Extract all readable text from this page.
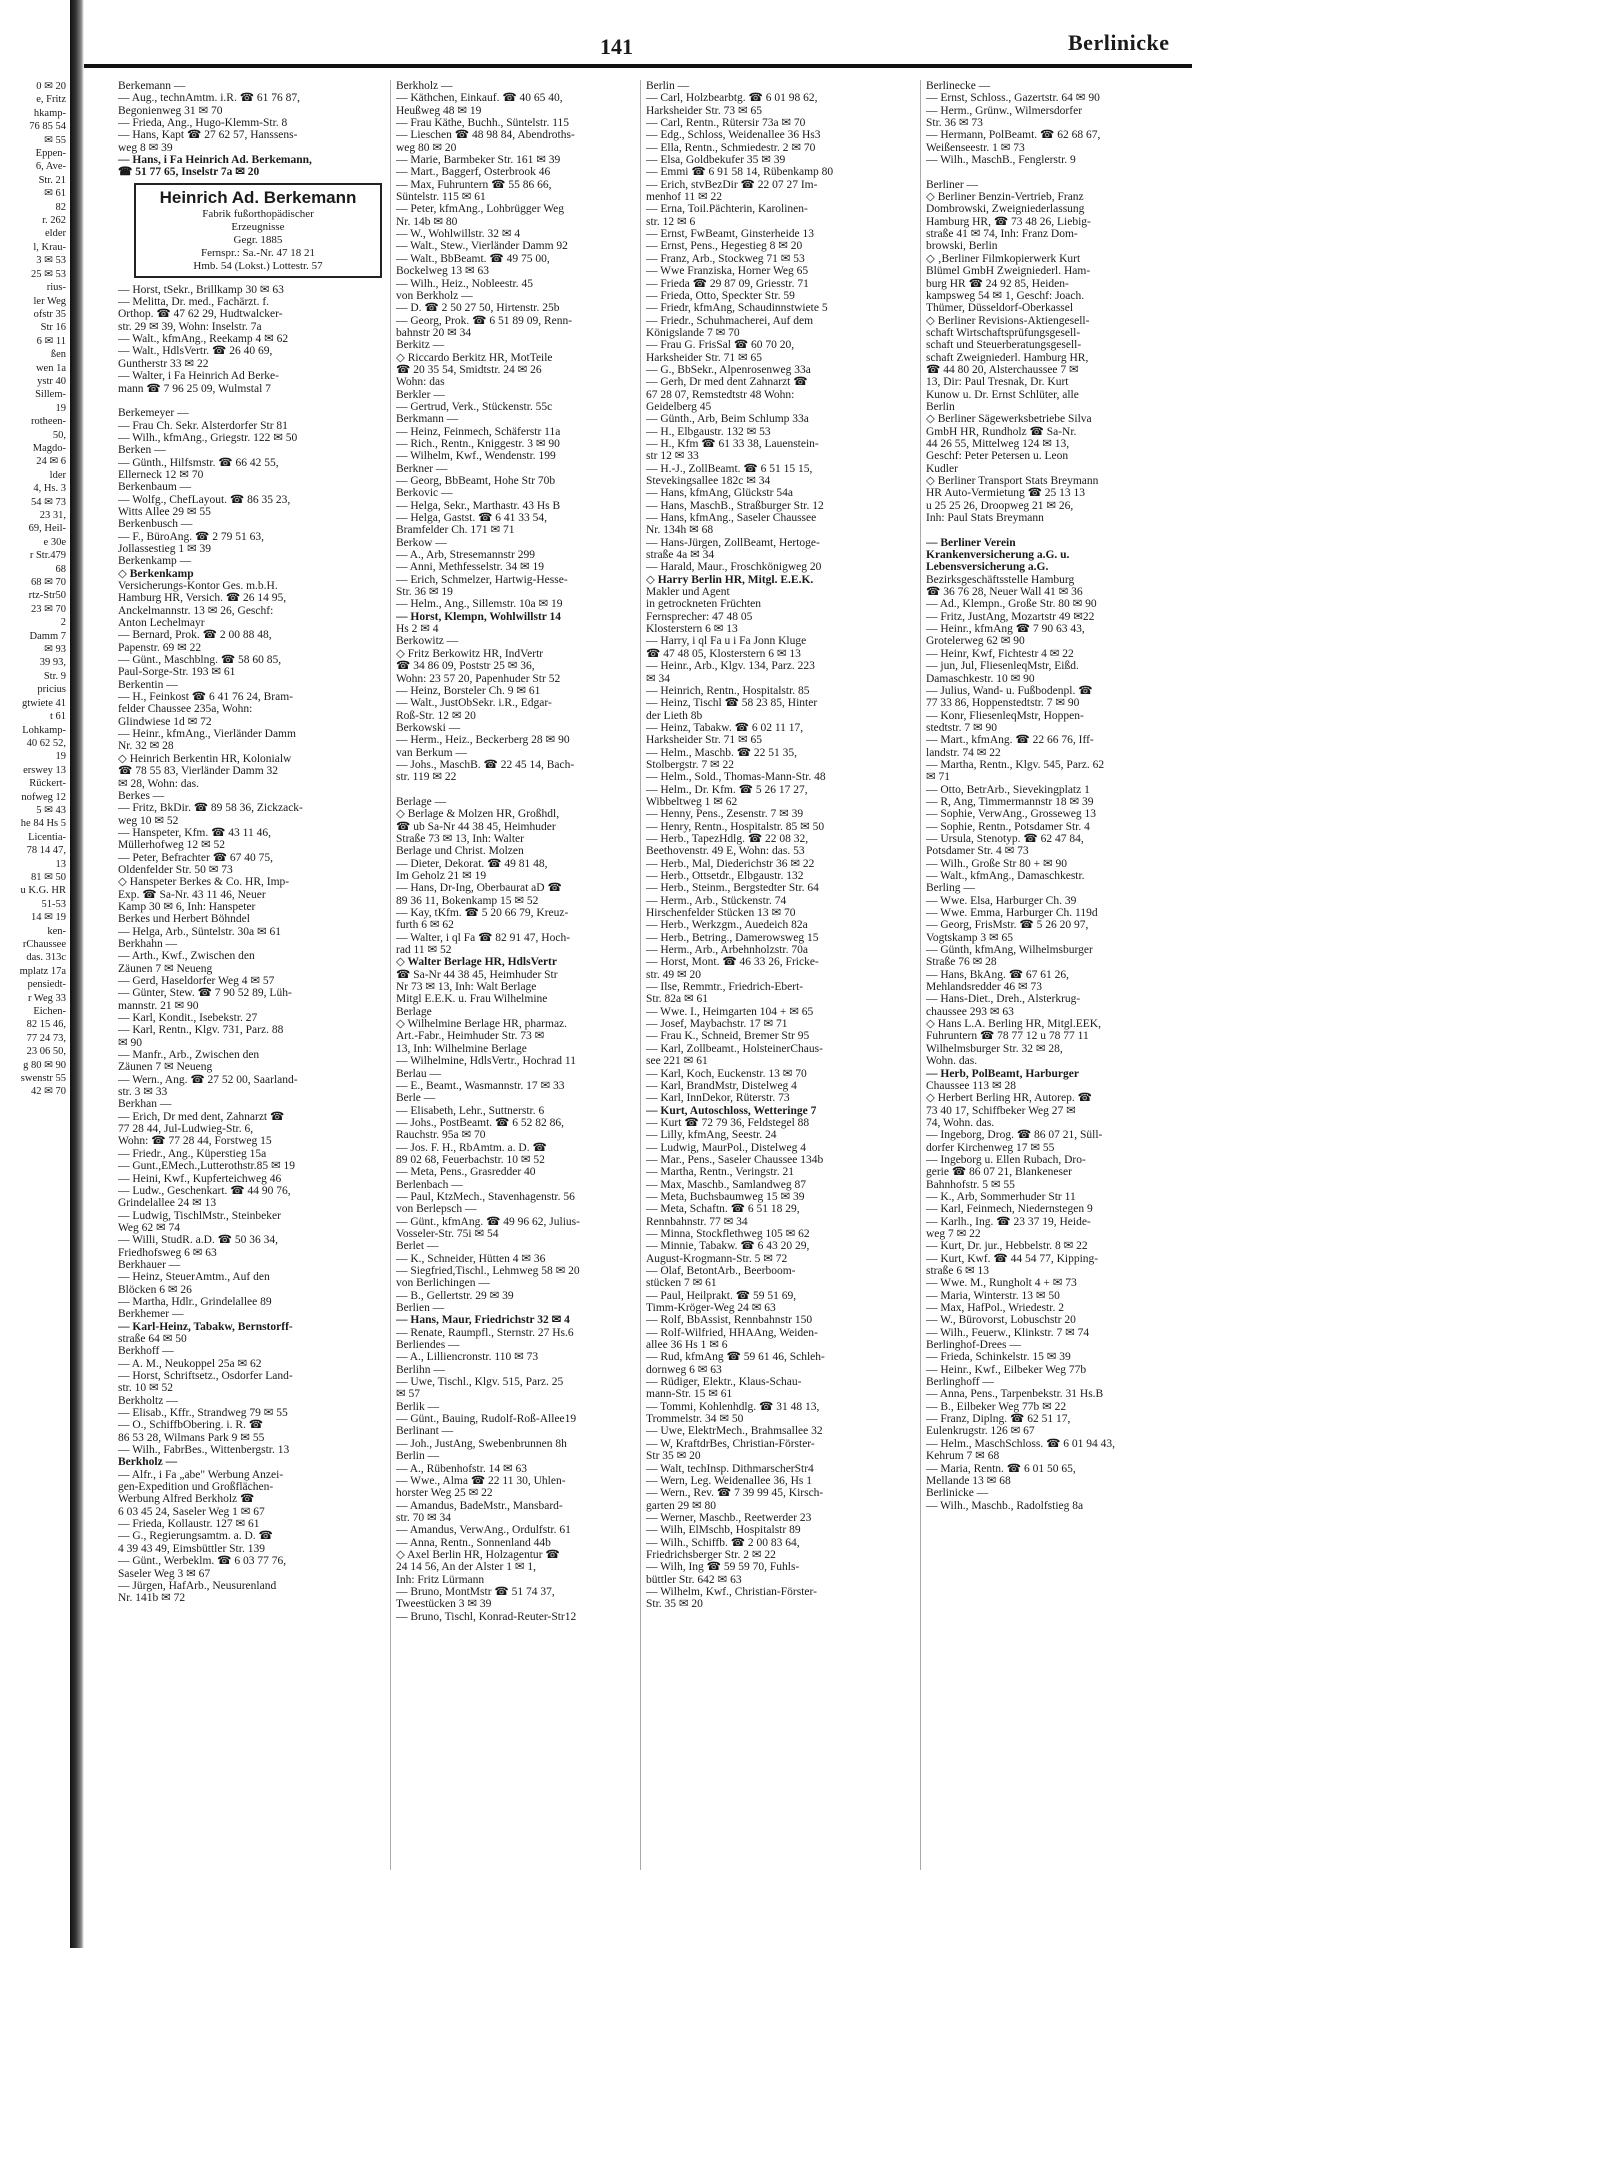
0 ✉ 20
e, Fritz
hkamp-
76 85 54
✉ 55
Eppen-
6, Ave-
Str. 21
✉ 61
82
r. 262
elder
l, Krau-
3 ✉ 53
25 ✉ 53
rius-
ler Weg
ofstr 35
Str 16
6 ✉ 11
ßen
wen 1a
ystr 40
Sillem-
19
rotheen-
50,
Magdo-
24 ✉ 6
lder
4, Hs. 3
54 ✉ 73
23 31,
69, Heil-
e 30e
r Str.479
68
68 ✉ 70
rtz-Str50
23 ✉ 70
2
Damm 7
✉ 93
39 93,
Str. 9
pricius
gtwiete 41
t 61
Lohkamp-
40 62 52,
19
erswey 13
Rückert-
nofweg 12
5 ✉ 43
he 84 Hs 5
Licentia-
78 14 47,
13
81 ✉ 50
u K.G. HR
51-53
14 ✉ 19
ken-
rChaussee
das. 313c
mplatz 17a
pensiedt-
r Weg 33
Eichen-
82 15 46,
77 24 73,
23 06 50,
g 80 ✉ 90
swenstr 55
42 ✉ 70
141	Berlinicke
Berkemann —
— Aug., technAmtm. i.R. ☎ 61 76 87,
Begonienweg 31 ✉ 70
— Frieda, Ang., Hugo-Klemm-Str. 8
— Hans, Kapt ☎ 27 62 57, Hanssens-
weg 8 ✉ 39
— Hans, i Fa Heinrich Ad. Berkemann,
☎ 51 77 65, Inselstr 7a ✉ 20
Heinrich Ad. Berkemann
Fabrik fußorthopädischer
Erzeugnisse
Gegr. 1885
Fernspr.: Sa.-Nr. 47 18 21
Hmb. 54 (Lokst.) Lottestr. 57
— Horst, tSekr., Brillkamp 30 ✉ 63
— Melitta, Dr. med., Fachärzt. f.
Orthop. ☎ 47 62 29, Hudtwalcker-
str. 29 ✉ 39, Wohn: Inselstr. 7a
— Walt., kfmAng., Reekamp 4 ✉ 62
— Walt., HdlsVertr. ☎ 26 40 69,
Guntherstr 33 ✉ 22
— Walter, i Fa Heinrich Ad Berke-
mann ☎ 7 96 25 09, Wulmstal 7

Berkemeyer —
— Frau Ch. Sekr. Alsterdorfer Str 81
— Wilh., kfmAng., Griegstr. 122 ✉ 50
Berken —
— Günth., Hilfsmstr. ☎ 66 42 55,
Ellerneck 12 ✉ 70
Berkenbaum —
— Wolfg., ChefLayout. ☎ 86 35 23,
Witts Allee 29 ✉ 55
Berkenbusch —
— F., BüroAng. ☎ 2 79 51 63,
Jollassestieg 1 ✉ 39
Berkenkamp —
◇ Berkenkamp
Versicherungs-Kontor Ges. m.b.H.
Hamburg HR, Versich. ☎ 26 14 95,
Anckelmannstr. 13 ✉ 26, Geschf:
Anton Lechelmayr
— Bernard, Prok. ☎ 2 00 88 48,
Papenstr. 69 ✉ 22
— Günt., Maschblng. ☎ 58 60 85,
Paul-Sorge-Str. 193 ✉ 61
Berkentin —
— H., Feinkost ☎ 6 41 76 24, Bram-
felder Chaussee 235a, Wohn:
Glindwiese 1d ✉ 72
— Heinr., kfmAng., Vierländer Damm
Nr. 32 ✉ 28
◇ Heinrich Berkentin HR, Kolonialw
☎ 78 55 83, Vierländer Damm 32
✉ 28, Wohn: das.
Berkes —
— Fritz, BkDir. ☎ 89 58 36, Zickzack-
weg 10 ✉ 52
— Hanspeter, Kfm. ☎ 43 11 46,
Müllerhofweg 12 ✉ 52
— Peter, Befrachter ☎ 67 40 75,
Oldenfelder Str. 50 ✉ 73
◇ Hanspeter Berkes & Co. HR, Imp-
Exp. ☎ Sa-Nr. 43 11 46, Neuer
Kamp 30 ✉ 6, Inh: Hanspeter
Berkes und Herbert Böhndel
— Helga, Arb., Süntelstr. 30a ✉ 61
Berkhahn —
— Arth., Kwf., Zwischen den
Zäunen 7 ✉ Neueng
— Gerd, Haseldorfer Weg 4 ✉ 57
— Günter, Stew. ☎ 7 90 52 89, Lüh-
mannstr. 21 ✉ 90
— Karl, Kondit., Isebekstr. 27
— Karl, Rentn., Klgv. 731, Parz. 88
✉ 90
— Manfr., Arb., Zwischen den
Zäunen 7 ✉ Neueng
— Wern., Ang. ☎ 27 52 00, Saarland-
str. 3 ✉ 33
Berkhan —
— Erich, Dr med dent, Zahnarzt ☎
77 28 44, Jul-Ludwieg-Str. 6,
Wohn: ☎ 77 28 44, Forstweg 15
— Friedr., Ang., Küperstieg 15a
— Gunt.,EMech.,Lutterothstr.85 ✉ 19
— Heini, Kwf., Kupferteichweg 46
— Ludw., Geschenkart. ☎ 44 90 76,
Grindelallee 24 ✉ 13
— Ludwig, TischlMstr., Steinbeker
Weg 62 ✉ 74
— Willi, StudR. a.D. ☎ 50 36 34,
Friedhofsweg 6 ✉ 63
Berkhauer —
— Heinz, SteuerAmtm., Auf den
Blöcken 6 ✉ 26
— Martha, Hdlr., Grindelallee 89
Berkhemer —
— Karl-Heinz, Tabakw, Bernstorff-
straße 64 ✉ 50
Berkhoff —
— A. M., Neukoppel 25a ✉ 62
— Horst, Schriftsetz., Osdorfer Land-
str. 10 ✉ 52
Berkholtz —
— Elisab., Kffr., Strandweg 79 ✉ 55
— O., SchiffbObering. i. R. ☎
86 53 28, Wilmans Park 9 ✉ 55
— Wilh., FabrBes., Wittenbergstr. 13
Berkholz —
— Alfr., i Fa „abe" Werbung Anzei-
gen-Expedition und Großflächen-
Werbung Alfred Berkholz ☎
6 03 45 24, Saseler Weg 1 ✉ 67
— Frieda, Kollaustr. 127 ✉ 61
— G., Regierungsamtm. a. D. ☎
4 39 43 49, Eimsbüttler Str. 139
— Günt., Werbeklm. ☎ 6 03 77 76,
Saseler Weg 3 ✉ 67
— Jürgen, HafArb., Neusurenland
Nr. 141b ✉ 72
Berkholz —
— Käthchen, Einkauf. ☎ 40 65 40,
Heußweg 48 ✉ 19
— Frau Käthe, Buchh., Süntelstr. 115
— Lieschen ☎ 48 98 84, Abendroths-
weg 80 ✉ 20
— Marie, Barmbeker Str. 161 ✉ 39
— Mart., Baggerf, Osterbrook 46
— Max, Fuhruntern ☎ 55 86 66,
Süntelstr. 115 ✉ 61
— Peter, kfmAng., Lohbrügger Weg
Nr. 14b ✉ 80
— W., Wohlwillstr. 32 ✉ 4
— Walt., Stew., Vierländer Damm 92
— Walt., BbBeamt. ☎ 49 75 00,
Bockelweg 13 ✉ 63
— Wilh., Heiz., Nobleestr. 45
von Berkholz —
— D. ☎ 2 50 27 50, Hirtenstr. 25b
— Georg, Prok. ☎ 6 51 89 09, Renn-
bahnstr 20 ✉ 34
Berkitz —
◇ Riccardo Berkitz HR, MotTeile
☎ 20 35 54, Smidtstr. 24 ✉ 26
Wohn: das
Berkler —
— Gertrud, Verk., Stückenstr. 55c
Berkmann —
— Heinz, Feinmech, Schäferstr 11a
— Rich., Rentn., Kniggestr. 3 ✉ 90
— Wilhelm, Kwf., Wendenstr. 199
Berkner —
— Georg, BbBeamt, Hohe Str 70b
Berkovic —
— Helga, Sekr., Marthastr. 43 Hs B
— Helga, Gastst. ☎ 6 41 33 54,
Bramfelder Ch. 171 ✉ 71
Berkow —
— A., Arb, Stresemannstr 299
— Anni, Methfesselstr. 34 ✉ 19
— Erich, Schmelzer, Hartwig-Hesse-
Str. 36 ✉ 19
— Helm., Ang., Sillemstr. 10a ✉ 19
— Horst, Klempn, Wohlwillstr 14
Hs 2 ✉ 4
Berkowitz —
◇ Fritz Berkowitz HR, IndVertr
☎ 34 86 09, Poststr 25 ✉ 36,
Wohn: 23 57 20, Papenhuder Str 52
— Heinz, Borsteler Ch. 9 ✉ 61
— Walt., JustObSekr. i.R., Edgar-
Roß-Str. 12 ✉ 20
Berkowski —
— Herm., Heiz., Beckerberg 28 ✉ 90
van Berkum —
— Johs., MaschB. ☎ 22 45 14, Bach-
str. 119 ✉ 22

Berlage —
◇ Berlage & Molzen HR, Großhdl,
☎ ub Sa-Nr 44 38 45, Heimhuder
Straße 73 ✉ 13, Inh: Walter
Berlage und Christ. Molzen
— Dieter, Dekorat. ☎ 49 81 48,
Im Geholz 21 ✉ 19
— Hans, Dr-Ing, Oberbaurat aD ☎
89 36 11, Bokenkamp 15 ✉ 52
— Kay, tKfm. ☎ 5 20 66 79, Kreuz-
furth 6 ✉ 62
— Walter, i ql Fa ☎ 82 91 47, Hoch-
rad 11 ✉ 52
◇ Walter Berlage HR, HdlsVertr
☎ Sa-Nr 44 38 45, Heimhuder Str
Nr 73 ✉ 13, Inh: Walt Berlage
Mitgl E.E.K. u. Frau Wilhelmine
Berlage
◇ Wilhelmine Berlage HR, pharmaz.
Art.-Fabr., Heimhuder Str. 73 ✉
13, Inh: Wilhelmine Berlage
— Wilhelmine, HdlsVertr., Hochrad 11
Berlau —
— E., Beamt., Wasmannstr. 17 ✉ 33
Berle —
— Elisabeth, Lehr., Suttnerstr. 6
— Johs., PostBeamt. ☎ 6 52 82 86,
Rauchstr. 95a ✉ 70
— Jos. F. H., RbAmtm. a. D. ☎
89 02 68, Feuerbachstr. 10 ✉ 52
— Meta, Pens., Grasredder 40
Berlenbach —
— Paul, KtzMech., Stavenhagenstr. 56
von Berlepsch —
— Günt., kfmAng. ☎ 49 96 62, Julius-
Vosseler-Str. 75i ✉ 54
Berlet —
— K., Schneider, Hütten 4 ✉ 36
— Siegfried,Tischl., Lehmweg 58 ✉ 20
von Berlichingen —
— B., Gellertstr. 29 ✉ 39
Berlien —
— Hans, Maur, Friedrichstr 32 ✉ 4
— Renate, Raumpfl., Sternstr. 27 Hs.6
Berliendes —
— A., Lilliencronstr. 110 ✉ 73
Berlihn —
— Uwe, Tischl., Klgv. 515, Parz. 25
✉ 57
Berlik —
— Günt., Bauing, Rudolf-Roß-Allee19
Berlinant —
— Joh., JustAng, Swebenbrunnen 8h
Berlin —
— A., Rübenhofstr. 14 ✉ 63
— Wwe., Alma ☎ 22 11 30, Uhlen-
horster Weg 25 ✉ 22
— Amandus, BadeMstr., Mansbard-
str. 70 ✉ 34
— Amandus, VerwAng., Ordulfstr. 61
— Anna, Rentn., Sonnenland 44b
◇ Axel Berlin HR, Holzagentur ☎
24 14 56, An der Alster 1 ✉ 1,
Inh: Fritz Lürmann
— Bruno, MontMstr ☎ 51 74 37,
Tweestücken 3 ✉ 39
— Bruno, Tischl, Konrad-Reuter-Str12
Berlin —
— Carl, Holzbearbtg. ☎ 6 01 98 62,
Harksheider Str. 73 ✉ 65
— Carl, Rentn., Rütersir 73a ✉ 70
— Edg., Schloss, Weidenallee 36 Hs3
— Ella, Rentn., Schmiedestr. 2 ✉ 70
— Elsa, Goldbekufer 35 ✉ 39
— Emmi ☎ 6 91 58 14, Rübenkamp 80
— Erich, stvBezDir ☎ 22 07 27 Im-
menhof 11 ✉ 22
— Erna, Toil.Pächterin, Karolinen-
str. 12 ✉ 6
— Ernst, FwBeamt, Ginsterheide 13
— Ernst, Pens., Hegestieg 8 ✉ 20
— Franz, Arb., Stockweg 71 ✉ 53
— Wwe Franziska, Horner Weg 65
— Frieda ☎ 29 87 09, Griesstr. 71
— Frieda, Otto, Speckter Str. 59
— Friedr, kfmAng, Schaudinnstwiete 5
— Friedr., Schuhmacherei, Auf dem
Königslande 7 ✉ 70
— Frau G. FrisSal ☎ 60 70 20,
Harksheider Str. 71 ✉ 65
— G., BbSekr., Alpenrosenweg 33a
— Gerh, Dr med dent Zahnarzt ☎
67 28 07, Remstedtstr 48 Wohn:
Geidelberg 45
— Günth., Arb, Beim Schlump 33a
— H., Elbgaustr. 132 ✉ 53
— H., Kfm ☎ 61 33 38, Lauenstein-
str 12 ✉ 33
— H.-J., ZollBeamt. ☎ 6 51 15 15,
Stevekingsallee 182c ✉ 34
— Hans, kfmAng, Glückstr 54a
— Hans, MaschB., Straßburger Str. 12
— Hans, kfmAng., Saseler Chaussee
Nr. 134h ✉ 68
— Hans-Jürgen, ZollBeamt, Hertoge-
straße 4a ✉ 34
— Harald, Maur., Froschkönigweg 20
◇ Harry Berlin HR, Mitgl. E.E.K.
Makler und Agent
in getrockneten Früchten
Fernsprecher: 47 48 05
Klosterstern 6 ✉ 13
— Harry, i ql Fa u i Fa Jonn Kluge
☎ 47 48 05, Klosterstern 6 ✉ 13
— Heinr., Arb., Klgv. 134, Parz. 223
✉ 34
— Heinrich, Rentn., Hospitalstr. 85
— Heinz, Tischl ☎ 58 23 85, Hinter
der Lieth 8b
— Heinz, Tabakw. ☎ 6 02 11 17,
Harksheider Str. 71 ✉ 65
— Helm., Maschb. ☎ 22 51 35,
Stolbergstr. 7 ✉ 22
— Helm., Sold., Thomas-Mann-Str. 48
— Helm., Dr. Kfm. ☎ 5 26 17 27,
Wibbeltweg 1 ✉ 62
— Henny, Pens., Zesenstr. 7 ✉ 39
— Henry, Rentn., Hospitalstr. 85 ✉ 50
— Herb., TapezHdlg. ☎ 22 08 32,
Beethovenstr. 49 E, Wohn: das. 53
— Herb., Mal, Diederichstr 36 ✉ 22
— Herb., Ottsetdr., Elbgaustr. 132
— Herb., Steinm., Bergstedter Str. 64
— Herm., Arb., Stückenstr. 74
Hirschenfelder Stücken 13 ✉ 70
— Herb., Werkzgm., Auedeich 82a
— Herb., Betring., Damerowsweg 15
— Herm., Arb., Arbehnholzstr. 70a
— Horst, Mont. ☎ 46 33 26, Fricke-
str. 49 ✉ 20
— Ilse, Remmtr., Friedrich-Ebert-
Str. 82a ✉ 61
— Wwe. I., Heimgarten 104 + ✉ 65
— Josef, Maybachstr. 17 ✉ 71
— Frau K., Schneid, Bremer Str 95
— Karl, Zollbeamt., HolsteinerChaus-
see 221 ✉ 61
— Karl, Koch, Euckenstr. 13 ✉ 70
— Karl, BrandMstr, Distelweg 4
— Karl, InnDekor, Rüterstr. 73
— Kurt, Autoschloss, Wetteringe 7
— Kurt ☎ 72 79 36, Feldstegel 88
— Lilly, kfmAng, Seestr. 24
— Ludwig, MaurPol., Distelweg 4
— Mar., Pens., Saseler Chaussee 134b
— Martha, Rentn., Veringstr. 21
— Max, Maschb., Samlandweg 87
— Meta, Buchsbaumweg 15 ✉ 39
— Meta, Schaftn. ☎ 6 51 18 29,
Rennbahnstr. 77 ✉ 34
— Minna, Stockflethweg 105 ✉ 62
— Minnie, Tabakw. ☎ 6 43 20 29,
August-Krogmann-Str. 5 ✉ 72
— Olaf, BetontArb., Beerboom-
stücken 7 ✉ 61
— Paul, Heilprakt. ☎ 59 51 69,
Timm-Kröger-Weg 24 ✉ 63
— Rolf, BbAssist, Rennbahnstr 150
— Rolf-Wilfried, HHAAng, Weiden-
allee 36 Hs 1 ✉ 6
— Rud, kfmAng ☎ 59 61 46, Schleh-
dornweg 6 ✉ 63
— Rüdiger, Elektr., Klaus-Schau-
mann-Str. 15 ✉ 61
— Tommi, Kohlenhdlg. ☎ 31 48 13,
Trommelstr. 34 ✉ 50
— Uwe, ElektrMech., Brahmsallee 32
— W, KraftdrBes, Christian-Förster-
Str 35 ✉ 20
— Walt, techInsp. DithmarscherStr4
— Wern, Leg. Weidenallee 36, Hs 1
— Wern., Rev. ☎ 7 39 99 45, Kirsch-
garten 29 ✉ 80
— Werner, Maschb., Reetwerder 23
— Wilh, ElMschb, Hospitalstr 89
— Wilh., Schiffb. ☎ 2 00 83 64,
Friedrichsberger Str. 2 ✉ 22
— Wilh, Ing ☎ 59 59 70, Fuhls-
büttler Str. 642 ✉ 63
— Wilhelm, Kwf., Christian-Förster-
Str. 35 ✉ 20
Berlinecke —
— Ernst, Schloss., Gazertstr. 64 ✉ 90
— Herm., Grünw., Wilmersdorfer
Str. 36 ✉ 73
— Hermann, PolBeamt. ☎ 62 68 67,
Weißenseestr. 1 ✉ 73
— Wilh., MaschB., Fenglerstr. 9

Berliner —
◇ Berliner Benzin-Vertrieb, Franz
Dombrowski, Zweigniederlassung
Hamburg HR, ☎ 73 48 26, Liebig-
straße 41 ✉ 74, Inh: Franz Dom-
browski, Berlin
◇ ‚Berliner Filmkopierwerk Kurt
Blümel GmbH Zweigniederl. Ham-
burg HR ☎ 24 92 85, Heiden-
kampsweg 54 ✉ 1, Geschf: Joach.
Thümer, Düsseldorf-Oberkassel
◇ Berliner Revisions-Aktiengesell-
schaft Wirtschaftsprüfungsgesell-
schaft und Steuerberatungsgesell-
schaft Zweigniederl. Hamburg HR,
☎ 44 80 20, Alsterchaussee 7 ✉
13, Dir: Paul Tresnak, Dr. Kurt
Kunow u. Dr. Ernst Schlüter, alle
Berlin
◇ Berliner Sägewerksbetriebe Silva
GmbH HR, Rundholz ☎ Sa-Nr.
44 26 55, Mittelweg 124 ✉ 13,
Geschf: Peter Petersen u. Leon
Kudler
◇ Berliner Transport Stats Breymann
HR Auto-Vermietung ☎ 25 13 13
u 25 25 26, Droopweg 21 ✉ 26,
Inh: Paul Stats Breymann

— Berliner Verein
Krankenversicherung a.G. u.
Lebensversicherung a.G.
Bezirksgeschäftsstelle Hamburg
☎ 36 76 28, Neuer Wall 41 ✉ 36
— Ad., Klempn., Große Str. 80 ✉ 90
— Fritz, JustAng, Mozartstr 49 ✉22
— Heinr., kfmAng ☎ 7 90 63 43,
Grotelerweg 62 ✉ 90
— Heinr, Kwf, Fichtestr 4 ✉ 22
— jun, Jul, FliesenleqMstr, Eißd.
Damaschkestr. 10 ✉ 90
— Julius, Wand- u. Fußbodenpl. ☎
77 33 86, Hoppenstedtstr. 7 ✉ 90
— Konr, FliesenleqMstr, Hoppen-
stedtstr. 7 ✉ 90
— Mart., kfmAng. ☎ 22 66 76, Iff-
landstr. 74 ✉ 22
— Martha, Rentn., Klgv. 545, Parz. 62
✉ 71
— Otto, BetrArb., Sievekingplatz 1
— R, Ang, Timmermannstr 18 ✉ 39
— Sophie, VerwAng., Grosseweg 13
— Sophie, Rentn., Potsdamer Str. 4
— Ursula, Stenotyp. ☎ 62 47 84,
Potsdamer Str. 4 ✉ 73
— Wilh., Große Str 80 + ✉ 90
— Walt., kfmAng., Damaschkestr.
Berling —
— Wwe. Elsa, Harburger Ch. 39
— Wwe. Emma, Harburger Ch. 119d
— Georg, FrisMstr. ☎ 5 26 20 97,
Vogtskamp 3 ✉ 65
— Günth, kfmAng, Wilhelmsburger
Straße 76 ✉ 28
— Hans, BkAng. ☎ 67 61 26,
Mehlandsredder 46 ✉ 73
— Hans-Diet., Dreh., Alsterkrug-
chaussee 293 ✉ 63
◇ Hans L.A. Berling HR, Mitgl.EEK,
Fuhruntern ☎ 78 77 12 u 78 77 11
Wilhelmsburger Str. 32 ✉ 28,
Wohn. das.
— Herb, PolBeamt, Harburger
Chaussee 113 ✉ 28
◇ Herbert Berling HR, Autorep. ☎
73 40 17, Schiffbeker Weg 27 ✉
74, Wohn. das.
— Ingeborg, Drog. ☎ 86 07 21, Süll-
dorfer Kirchenweg 17 ✉ 55
— Ingeborg u. Ellen Rubach, Dro-
gerie ☎ 86 07 21, Blankeneser
Bahnhofstr. 5 ✉ 55
— K., Arb, Sommerhuder Str 11
— Karl, Feinmech, Niedernstegen 9
— Karlh., Ing. ☎ 23 37 19, Heide-
weg 7 ✉ 22
— Kurt, Dr. jur., Hebbelstr. 8 ✉ 22
— Kurt, Kwf. ☎ 44 54 77, Kipping-
straße 6 ✉ 13
— Wwe. M., Rungholt 4 + ✉ 73
— Maria, Winterstr. 13 ✉ 50
— Max, HafPol., Wriedestr. 2
— W., Bürovorst, Lobuschstr 20
— Wilh., Feuerw., Klinkstr. 7 ✉ 74
Berlinghof-Drees —
— Frieda, Schinkelstr. 15 ✉ 39
— Heinr., Kwf., Eilbeker Weg 77b
Berlinghoff —
— Anna, Pens., Tarpenbekstr. 31 Hs.B
— B., Eilbeker Weg 77b ✉ 22
— Franz, Diplng. ☎ 62 51 17,
Eulenkrugstr. 126 ✉ 67
— Helm., MaschSchloss. ☎ 6 01 94 43,
Kehrum 7 ✉ 68
— Maria, Rentn. ☎ 6 01 50 65,
Mellande 13 ✉ 68
Berlinicke —
— Wilh., Maschb., Radolfstieg 8a
